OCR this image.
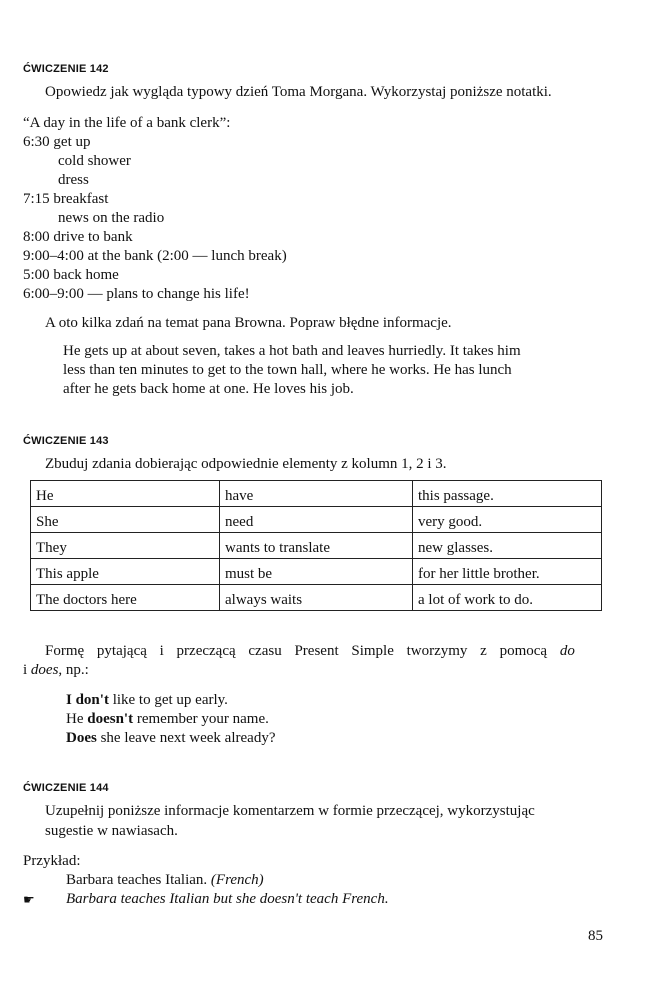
ĆWICZENIE 142
Opowiedz jak wygląda typowy dzień Toma Morgana. Wykorzystaj poniższe notatki.
“A day in the life of a bank clerk”:
6:30 get up
cold shower
dress
7:15 breakfast
news on the radio
8:00 drive to bank
9:00–4:00 at the bank (2:00 — lunch break)
5:00 back home
6:00–9:00 — plans to change his life!
A oto kilka zdań na temat pana Browna. Popraw błędne informacje.
He gets up at about seven, takes a hot bath and leaves hurriedly. It takes him
less than ten minutes to get to the town hall, where he works. He has lunch
after he gets back home at one. He loves his job.
ĆWICZENIE 143
Zbuduj zdania dobierając odpowiednie elementy z kolumn 1, 2 i 3.
He	have	this passage.
She	need	very good.
They	wants to translate	new glasses.
This apple	must be	for her little brother.
The doctors here	always waits	a lot of work to do.
Formę pytającą i przeczącą czasu Present Simple tworzymy z pomocą do
i does, np.:
I don't like to get up early.
He doesn't remember your name.
Does she leave next week already?
ĆWICZENIE 144
Uzupełnij poniższe informacje komentarzem w formie przeczącej, wykorzystując
sugestie w nawiasach.
Przykład:
Barbara teaches Italian. (French)
☛ Barbara teaches Italian but she doesn't teach French.
85
